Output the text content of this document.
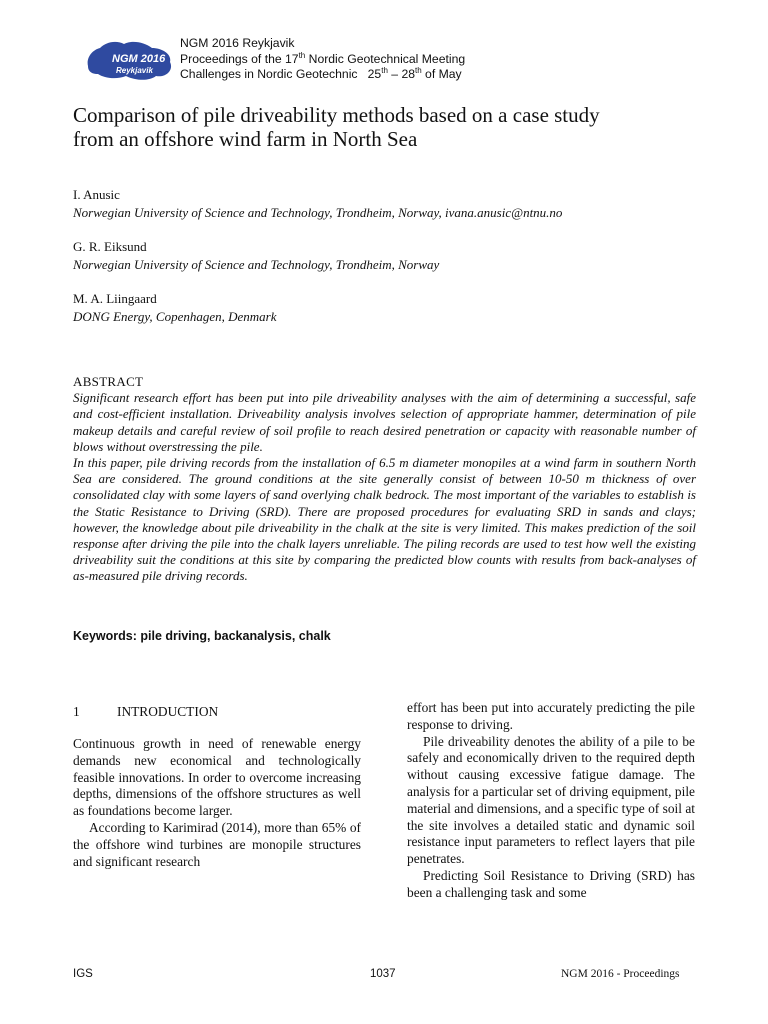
NGM 2016
Reykjavik
NGM 2016 Reykjavik
Proceedings of the 17th Nordic Geotechnical Meeting
Challenges in Nordic Geotechnic   25th – 28th of May
Comparison of pile driveability methods based on a case study
from an offshore wind farm in North Sea
I. Anusic
Norwegian University of Science and Technology, Trondheim, Norway, ivana.anusic@ntnu.no
G. R. Eiksund
Norwegian University of Science and Technology, Trondheim, Norway
M. A. Liingaard
DONG Energy, Copenhagen, Denmark
ABSTRACT

Significant research effort has been put into pile driveability analyses with the aim of determining a successful, safe and cost-efficient installation. Driveability analysis involves selection of appropriate hammer, determination of pile makeup details and careful review of soil profile to reach desired penetration or capacity with reasonable number of blows without overstressing the pile.

In this paper, pile driving records from the installation of 6.5 m diameter monopiles at a wind farm in southern North Sea are considered. The ground conditions at the site generally consist of between 10-50 m thickness of over consolidated clay with some layers of sand overlying chalk bedrock. The most important of the variables to establish is the Static Resistance to Driving (SRD). There are proposed procedures for evaluating SRD in sands and clays; however, the knowledge about pile driveability in the chalk at the site is very limited. This makes prediction of the soil response after driving the pile into the chalk layers unreliable. The piling records are used to test how well the existing driveability suit the conditions at this site by comparing the predicted blow counts with results from back-analyses of as-measured pile driving records.

Keywords: pile driving, backanalysis, chalk
1	INTRODUCTION

Continuous growth in need of renewable energy demands new economical and technologically feasible innovations. In order to overcome increasing depths, dimensions of the offshore structures as well as foundations become larger.

According to Karimirad (2014), more than 65% of the offshore wind turbines are monopile structures and significant research

effort has been put into accurately predicting the pile response to driving.

Pile driveability denotes the ability of a pile to be safely and economically driven to the required depth without causing excessive fatigue damage. The analysis for a particular set of driving equipment, pile material and dimensions, and a specific type of soil at the site involves a detailed static and dynamic soil resistance input parameters to reflect layers that pile penetrates.

Predicting Soil Resistance to Driving (SRD) has been a challenging task and some

IGS	1037	NGM 2016 - Proceedings
